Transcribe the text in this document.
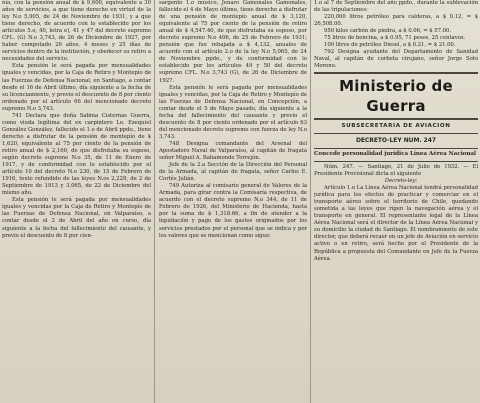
nía, con la pensión anual de $ 9,600, equivalente a 30 años de servicios, a que tiene derecho en virtud de la ley N.o 5,905, de 24 de Noviembre de 1931, y a que tiene derecho, de acuerdo con lo establecido por los artículos 5.o, 40, letra e), 41 y 47 del decreto supremo CFL. (G) N.o 3,743, de 26 de Diciembre de 1927, por haber computado 26 años, 4 meses y 25 días de servicios dentro de la institución, y obedecer su retiro a necesidades del servicio.

Esta pensión le será pagada por mensualidades iguales y vencidas, por la Caja de Retiro y Montepío de las Fuerzas de Defensa Nacional, en Santiago, a contar desde el 16 de Abril último, día siguiente a la fecha de su licenciamiento, y previo el descuento de 8 por ciento ordenado por el artículo 66 del mencionado decreto supremo N.o 3,743.

741 Declara que doña Sabina Cisternas Guerra, como viuda legítima del ex carpintero Lo. Ezequiel González González, fallecido el 1.o de Abril ppdo., tiene derecho a disfrutar de la pensión de montepío de $ 1,620, equivalente al 75 por ciento de la pensión de retiro anual de $ 2,160, de que disfrutaba su esposo, según decreto supremo N.o 35, de 11 de Enero de 1917, y de conformidad con lo establecido por el artículo 10 del decreto N.o 230, de 15 de Febrero de 1916, texto refundido de las leyes N.os 2,229, de 2 de Septiembre de 1913 y 3,065, de 22 de Diciembre del mismo año.

Esta pensión le será pagada por mensualidades iguales y vencidas por la Caja de Retiro y Montepío de las Fuerzas de Defensa Nacional, en Valparaíso, a contar desde el 2 de Abril del año en curso, día siguiente a la fecha del fallecimiento del causante, y previo el descuento de 8 por cien-

sargento 1.o músico, Jenaro Gamonales Gamonales, fallecido el 4 de Mayo último, tiene derecho a disfrutar de una pensión de montepío anual de $ 3,120, equivalente al 75 por ciento de la pensión de retiro anual de $ 4,547.40, de que disfrutaba su esposo, por decreto supremo N.o 406, de 25 de Febrero de 1931; pensión que fue rebajada a $ 4,132, anuales de acuerdo con el artículo 2.o de la ley N.o 5,065, de 24 de Noviembre ppdo., y de conformidad con lo establecido por los artículos 49 y 50 del decreto supremo CFL. N.o 3,743 (G), de 26 de Diciembre de 1927.

Esta pensión le será pagada por mensualidades iguales y vencidas, por la Caja de Retiro y Montepío de las Fuerzas de Defensa Nacional, en Concepción, a contar desde el 5 de Mayo pasado, día siguiente a la fecha del fallecimiento del causante y previo el descuento de 8 por ciento ordenado por el artículo 63 del mencionado decreto supremo con fuerza de ley N.o 3,743.

748 Designa comandante del Arsenal del Apostadero Naval de Valparaíso, al capitán de fragata señor Miguel A. Bahamonde Torrejón.

Jefe de la 2.a Sección de la Dirección del Personal de la Armada, al capitán de fragata, señor Carlos E. Cortés Julián.

749 Autoriza al comisario general de Valores de la Armada, para girar contra la Comisaría respectiva, de acuerdo con el decreto supremo N.o 344, de 11 de Febrero de 1926, del Ministerio de Hacienda, hasta por la suma de $ 1,318.66, a fin de atender a la liquidación y pago de los gastos originados por los servicios prestados por el personal que se indica y por los valores que se mencionan como sigue:

1.o al 7 de Septiembre del año ppdo., durante la sublevación de las tripulaciones:

220,000 litros petróleo para calderas, a $ 0.12, = $ 26,508.00.

950 kilos carbón de piedra, a $ 0.06, = $ 57.00.

75 litros de bencina, a $ 0.95, 71 pesos, 25 centavos.

100 litros de petróleo Diesel, a $ 0.21, = $ 21.00.

792 Designa ayudante del Departamento de Sanidad Naval, al capitán de corbeta cirujano, señor Jorge Soto Moreno.

Ministerio de Guerra
SUBSECRETARIA DE AVIACION
DECRETO-LEY NUM. 247

Concede personalidad jurídica Línea Aérea Nacional

Núm. 247. — Santiago, 21 de Julio de 1932. — El Presidente Provisional dicta el siguiente

Decreto-ley:

Artículo 1.o La Línea Aérea Nacional tendrá personalidad jurídica para los efectos de practicar y comerciar en el transporte aéreo sobre el territorio de Chile, quedando sometida a las leyes que rigen la navegación aérea y el transporte en general. El representante legal de la Línea Aérea Nacional será el director de la Línea Aérea Nacional y su domicilio la ciudad de Santiago. El nombramiento de este director, que deberá recaer en un jefe de Aviación en servicio activo o en retiro, será hecho por el Presidente de la República a propuesta del Comandante en Jefe de la Fuerza Aérea.
